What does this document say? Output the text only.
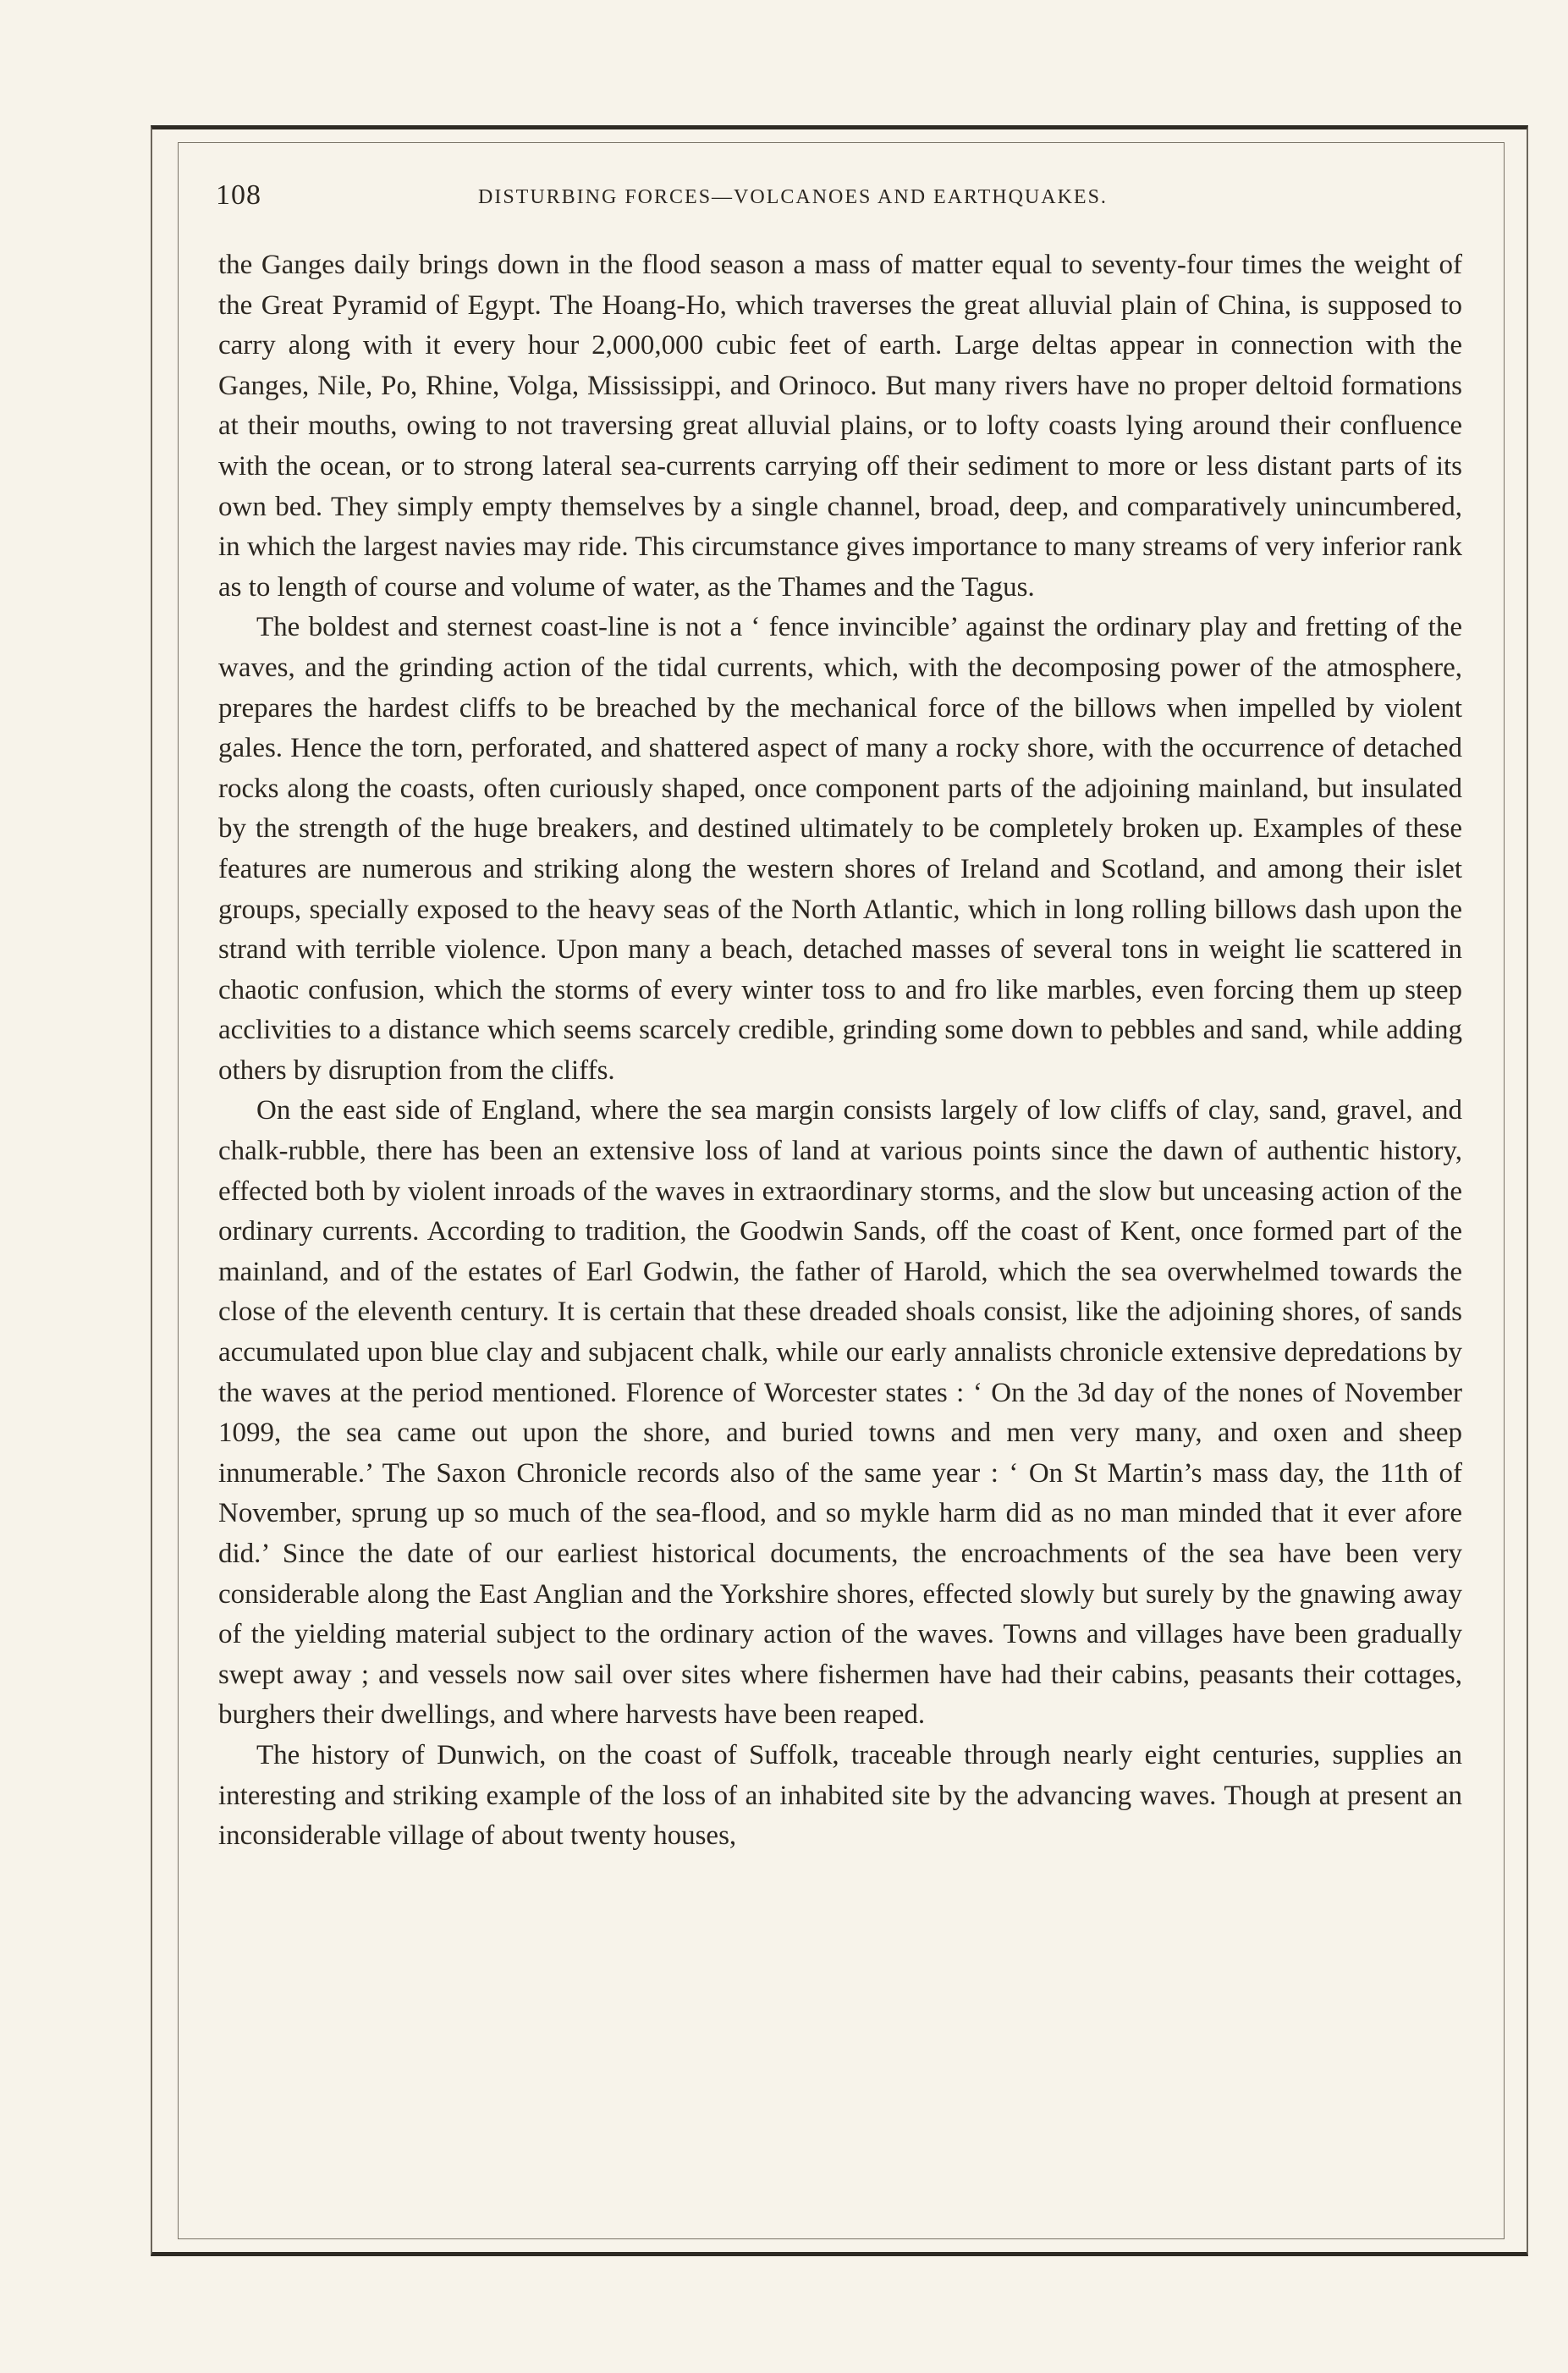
108	DISTURBING FORCES—VOLCANOES AND EARTHQUAKES.

the Ganges daily brings down in the flood season a mass of matter equal to seventy-four times the weight of the Great Pyramid of Egypt. The Hoang-Ho, which traverses the great alluvial plain of China, is supposed to carry along with it every hour 2,000,000 cubic feet of earth. Large deltas appear in connection with the Ganges, Nile, Po, Rhine, Volga, Mississippi, and Orinoco. But many rivers have no proper deltoid formations at their mouths, owing to not traversing great alluvial plains, or to lofty coasts lying around their confluence with the ocean, or to strong lateral sea-currents carrying off their sediment to more or less distant parts of its own bed. They simply empty themselves by a single channel, broad, deep, and comparatively unincumbered, in which the largest navies may ride. This circumstance gives importance to many streams of very inferior rank as to length of course and volume of water, as the Thames and the Tagus.

The boldest and sternest coast-line is not a ‘ fence invincible’ against the ordinary play and fretting of the waves, and the grinding action of the tidal currents, which, with the decomposing power of the atmosphere, prepares the hardest cliffs to be breached by the mechanical force of the billows when impelled by violent gales. Hence the torn, perforated, and shattered aspect of many a rocky shore, with the occurrence of detached rocks along the coasts, often curiously shaped, once component parts of the adjoining mainland, but insulated by the strength of the huge breakers, and destined ultimately to be completely broken up. Examples of these features are numerous and striking along the western shores of Ireland and Scotland, and among their islet groups, specially exposed to the heavy seas of the North Atlantic, which in long rolling billows dash upon the strand with terrible violence. Upon many a beach, detached masses of several tons in weight lie scattered in chaotic confusion, which the storms of every winter toss to and fro like marbles, even forcing them up steep acclivities to a distance which seems scarcely credible, grinding some down to pebbles and sand, while adding others by disruption from the cliffs.

On the east side of England, where the sea margin consists largely of low cliffs of clay, sand, gravel, and chalk-rubble, there has been an extensive loss of land at various points since the dawn of authentic history, effected both by violent inroads of the waves in extraordinary storms, and the slow but unceasing action of the ordinary currents. According to tradition, the Goodwin Sands, off the coast of Kent, once formed part of the mainland, and of the estates of Earl Godwin, the father of Harold, which the sea overwhelmed towards the close of the eleventh century. It is certain that these dreaded shoals consist, like the adjoining shores, of sands accumulated upon blue clay and subjacent chalk, while our early annalists chronicle extensive depredations by the waves at the period mentioned. Florence of Worcester states : ‘ On the 3d day of the nones of November 1099, the sea came out upon the shore, and buried towns and men very many, and oxen and sheep innumerable.’ The Saxon Chronicle records also of the same year : ‘ On St Martin’s mass day, the 11th of November, sprung up so much of the sea-flood, and so mykle harm did as no man minded that it ever afore did.’ Since the date of our earliest historical documents, the encroachments of the sea have been very considerable along the East Anglian and the Yorkshire shores, effected slowly but surely by the gnawing away of the yielding material subject to the ordinary action of the waves. Towns and villages have been gradually swept away ; and vessels now sail over sites where fishermen have had their cabins, peasants their cottages, burghers their dwellings, and where harvests have been reaped.

The history of Dunwich, on the coast of Suffolk, traceable through nearly eight centuries, supplies an interesting and striking example of the loss of an inhabited site by the advancing waves. Though at present an inconsiderable village of about twenty houses,
